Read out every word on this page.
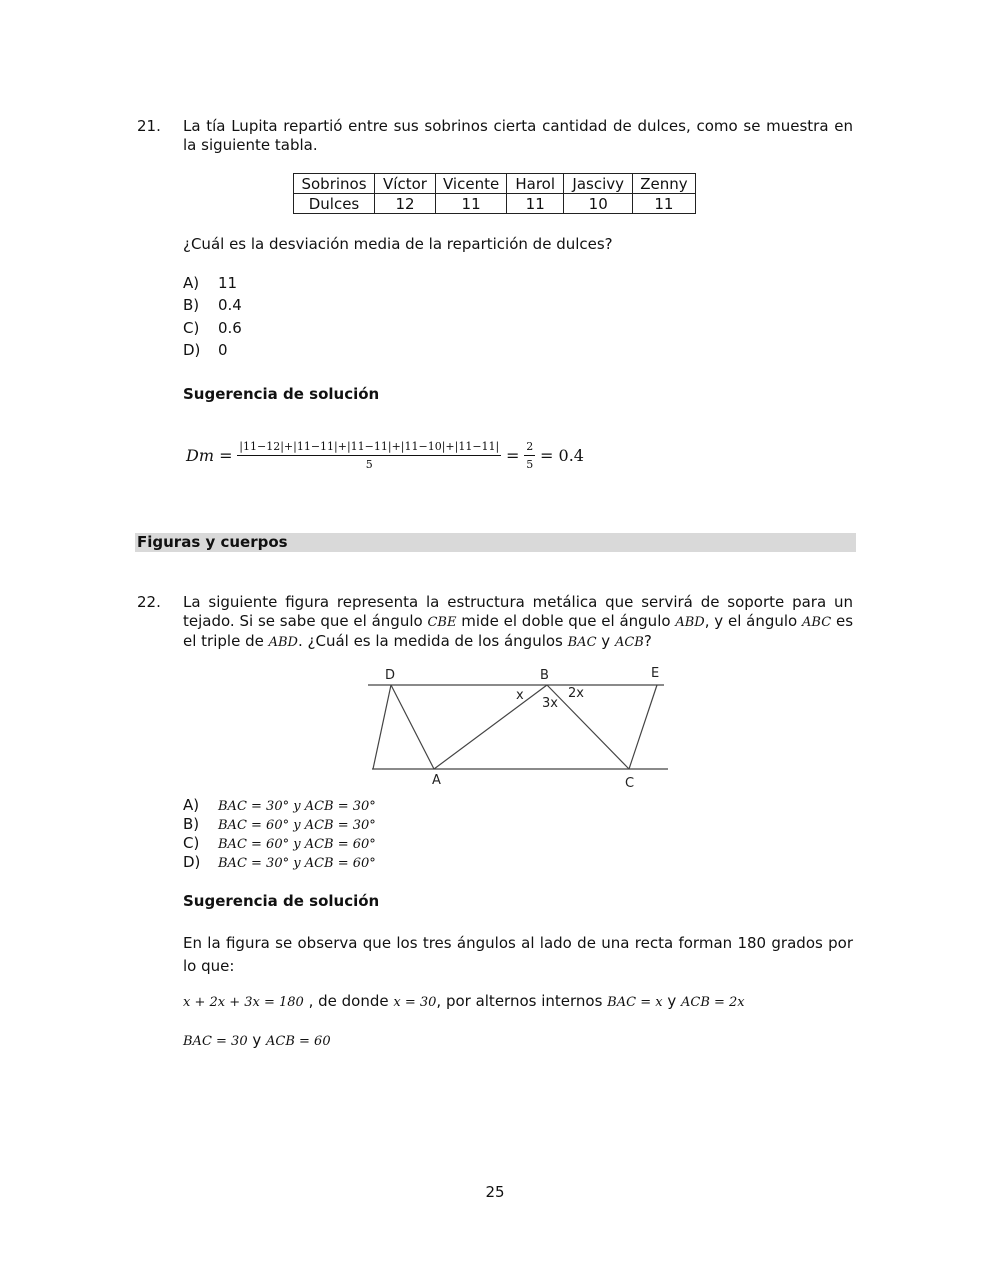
21. La tía Lupita repartió entre sus sobrinos cierta cantidad de dulces, como se muestra en la siguiente tabla.
Sobrinos	Víctor	Vicente	Harol	Jascivy	Zenny
Dulces	12	11	11	10	11
¿Cuál es la desviación media de la repartición de dulces?
A) 11
B) 0.4
C) 0.6
D) 0
Sugerencia de solución
$Dm = \frac{|11-12|+|11-11|+|11-11|+|11-10|+|11-11|}{5} = \frac{2}{5} = 0.4$
Figuras y cuerpos
22. La siguiente figura representa la estructura metálica que servirá de soporte para un tejado. Si se sabe que el ángulo CBE mide el doble que el ángulo ABD, y el ángulo ABC es el triple de ABD. ¿Cuál es la medida de los ángulos BAC y ACB?
D	B	E
A	C
x	2x
3x
A) BAC = 30° y ACB = 30°
B) BAC = 60° y ACB = 30°
C) BAC = 60° y ACB = 60°
D) BAC = 30° y ACB = 60°
Sugerencia de solución
En la figura se observa que los tres ángulos al lado de una recta forman 180 grados por lo que:
x + 2x + 3x = 180 , de donde x = 30, por alternos internos BAC = x y ACB = 2x
BAC = 30 y ACB = 60
25
